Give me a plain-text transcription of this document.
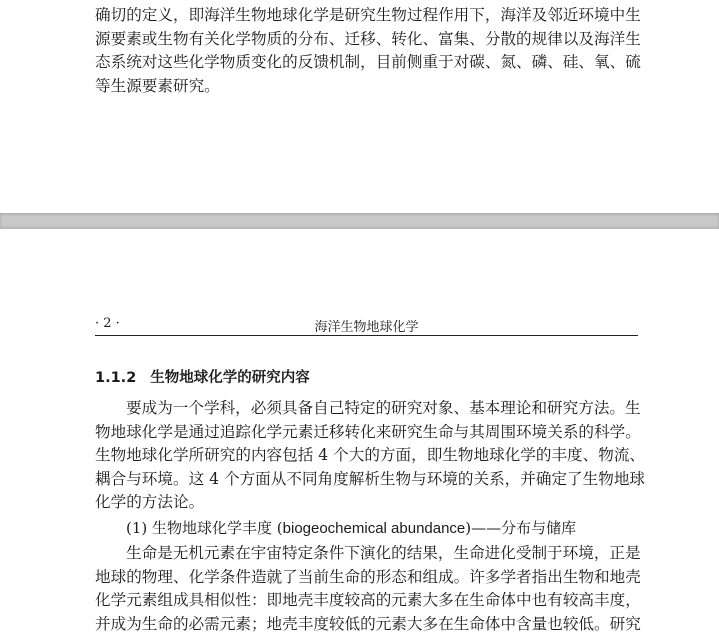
确切的定义，即海洋生物地球化学是研究生物过程作用下，海洋及邻近环境中生
源要素或生物有关化学物质的分布、迁移、转化、富集、分散的规律以及海洋生
态系统对这些化学物质变化的反馈机制，目前侧重于对碳、氮、磷、硅、氧、硫
等生源要素研究。
· 2 ·	海洋生物地球化学
1.1.2 生物地球化学的研究内容
要成为一个学科，必须具备自己特定的研究对象、基本理论和研究方法。生
物地球化学是通过追踪化学元素迁移转化来研究生命与其周围环境关系的科学。
生物地球化学所研究的内容包括 4 个大的方面，即生物地球化学的丰度、物流、
耦合与环境。这 4 个方面从不同角度解析生物与环境的关系，并确定了生物地球
化学的方法论。
(1) 生物地球化学丰度 (biogeochemical abundance)——分布与储库
生命是无机元素在宇宙特定条件下演化的结果，生命进化受制于环境，正是
地球的物理、化学条件造就了当前生命的形态和组成。许多学者指出生物和地壳
化学元素组成具相似性：即地壳丰度较高的元素大多在生命体中也有较高丰度，
并成为生命的必需元素；地壳丰度较低的元素大多在生命体中含量也较低。研究
